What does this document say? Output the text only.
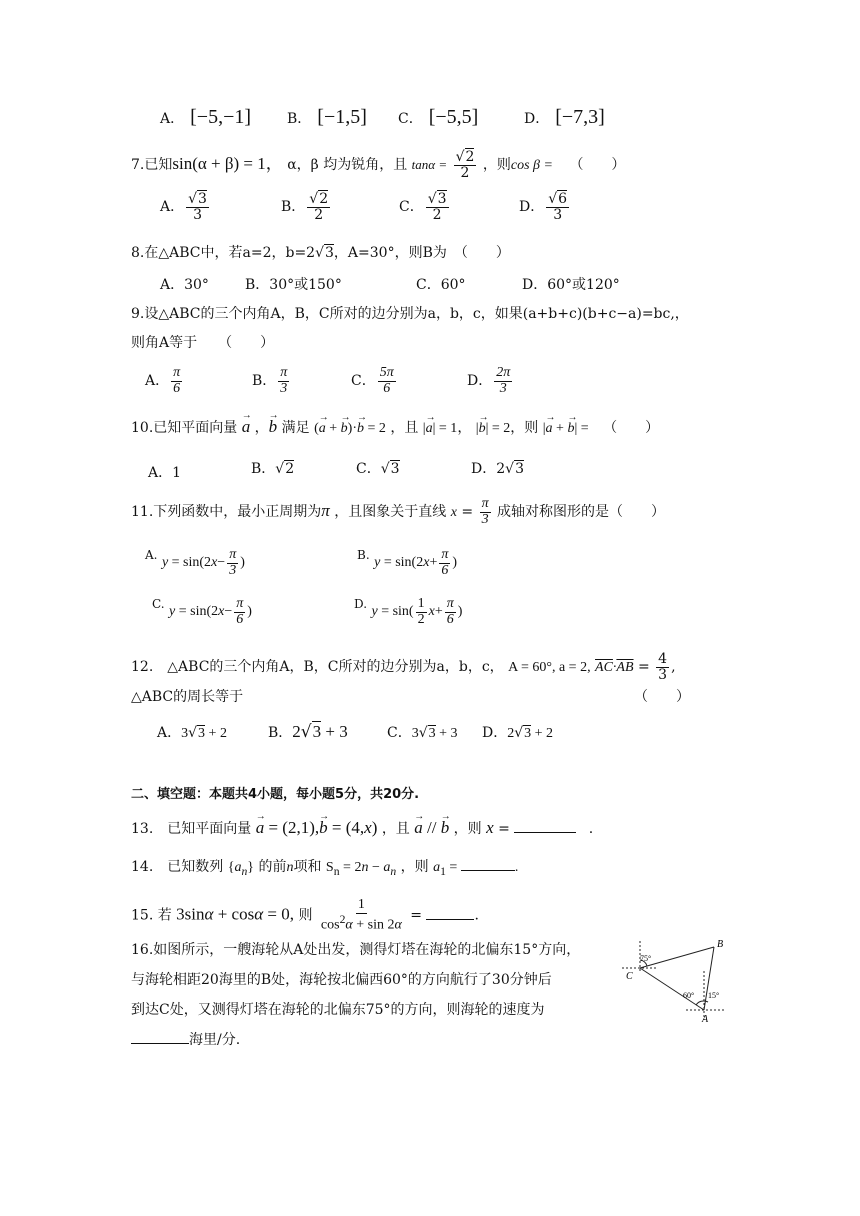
A． [−5,−1]	B． [−1,5] C． [−5,5]	D． [−7,3]
7.已知sin(α + β) = 1， α，β 均为锐角，且 $\tan\alpha = \frac{√2}{2}$ ，则cos β = （　　）
A． $\frac{√3}{3}$	B． $\frac{√2}{2}$	C． $\frac{√3}{2}$	D． $\frac{√6}{3}$
8.在△ABC中，若a=2，b=2√3，A=30°，则B为　（　　）
A．30°	B．30°或150°	C．60°	D．60°或120°
9.设△ABC的三个内角A，B，C所对的边分别为a，b，c，如果(a+b+c)(b+c−a)=bc,，
则角A等于　　（　　）
A． $\frac{\pi}{6}$	B． $\frac{\pi}{3}$	C． $\frac{5\pi}{6}$	D． $\frac{2\pi}{3}$
10.已知平面向量 → a ，→ b 满足 (→ a + → b)·→ b = 2 ，且 |→ a| = 1， |→ b| = 2，则 |→ a + → b| = （　　）
A．1	B．√2	C．√3	D．2√3
11.下列函数中，最小正周期为π ，且图象关于直线 $x = \frac{\pi}{3}$ 成轴对称图形的是（　　）
A. $y = \sin(2x- \frac{\pi}{3}$ )
B. $y = \sin(2x+ \frac{\pi}{6}$ )
C. $y = \sin(2x- \frac{\pi}{6}$ )
D. $y = \sin( \frac{1}{2} x+ \frac{\pi}{6}$ )
12.　△ABC的三个内角A，B，C所对的边分别为a，b，c， A = 60°, a = 2, $\overline{AC}\cdot\overline{AB} = \frac{4}{3}$ ,
△ABC的周长等于	（　　）
A．3√3 + 2	B．2√3 + 3	C．3√3 + 3 D．2√3 + 2
二、填空题：本题共4小题，每小题5分，共20分.
13.　已知平面向量 → a = (2,1),→ b = (4,x) ，且 → a // → b ，则 x =	.
14.　已知数列 $\{a_n\}$ 的前n项和 $S_n = 2n - a_n$ ，则 $a_1$ =	.
15. 若 3sinα + cosα = 0, 则 $\frac{1}{\cos^2\alpha + \sin 2\alpha}$ =	.
16.如图所示，一艘海轮从A处出发，测得灯塔在海轮的北偏东15°方向，
与海轮相距20海里的B处，海轮按北偏西60°的方向航行了30分钟后
到达C处，又测得灯塔在海轮的北偏东75°的方向，则海轮的速度为
海里/分.
B
C
A
75°
60° 15°
